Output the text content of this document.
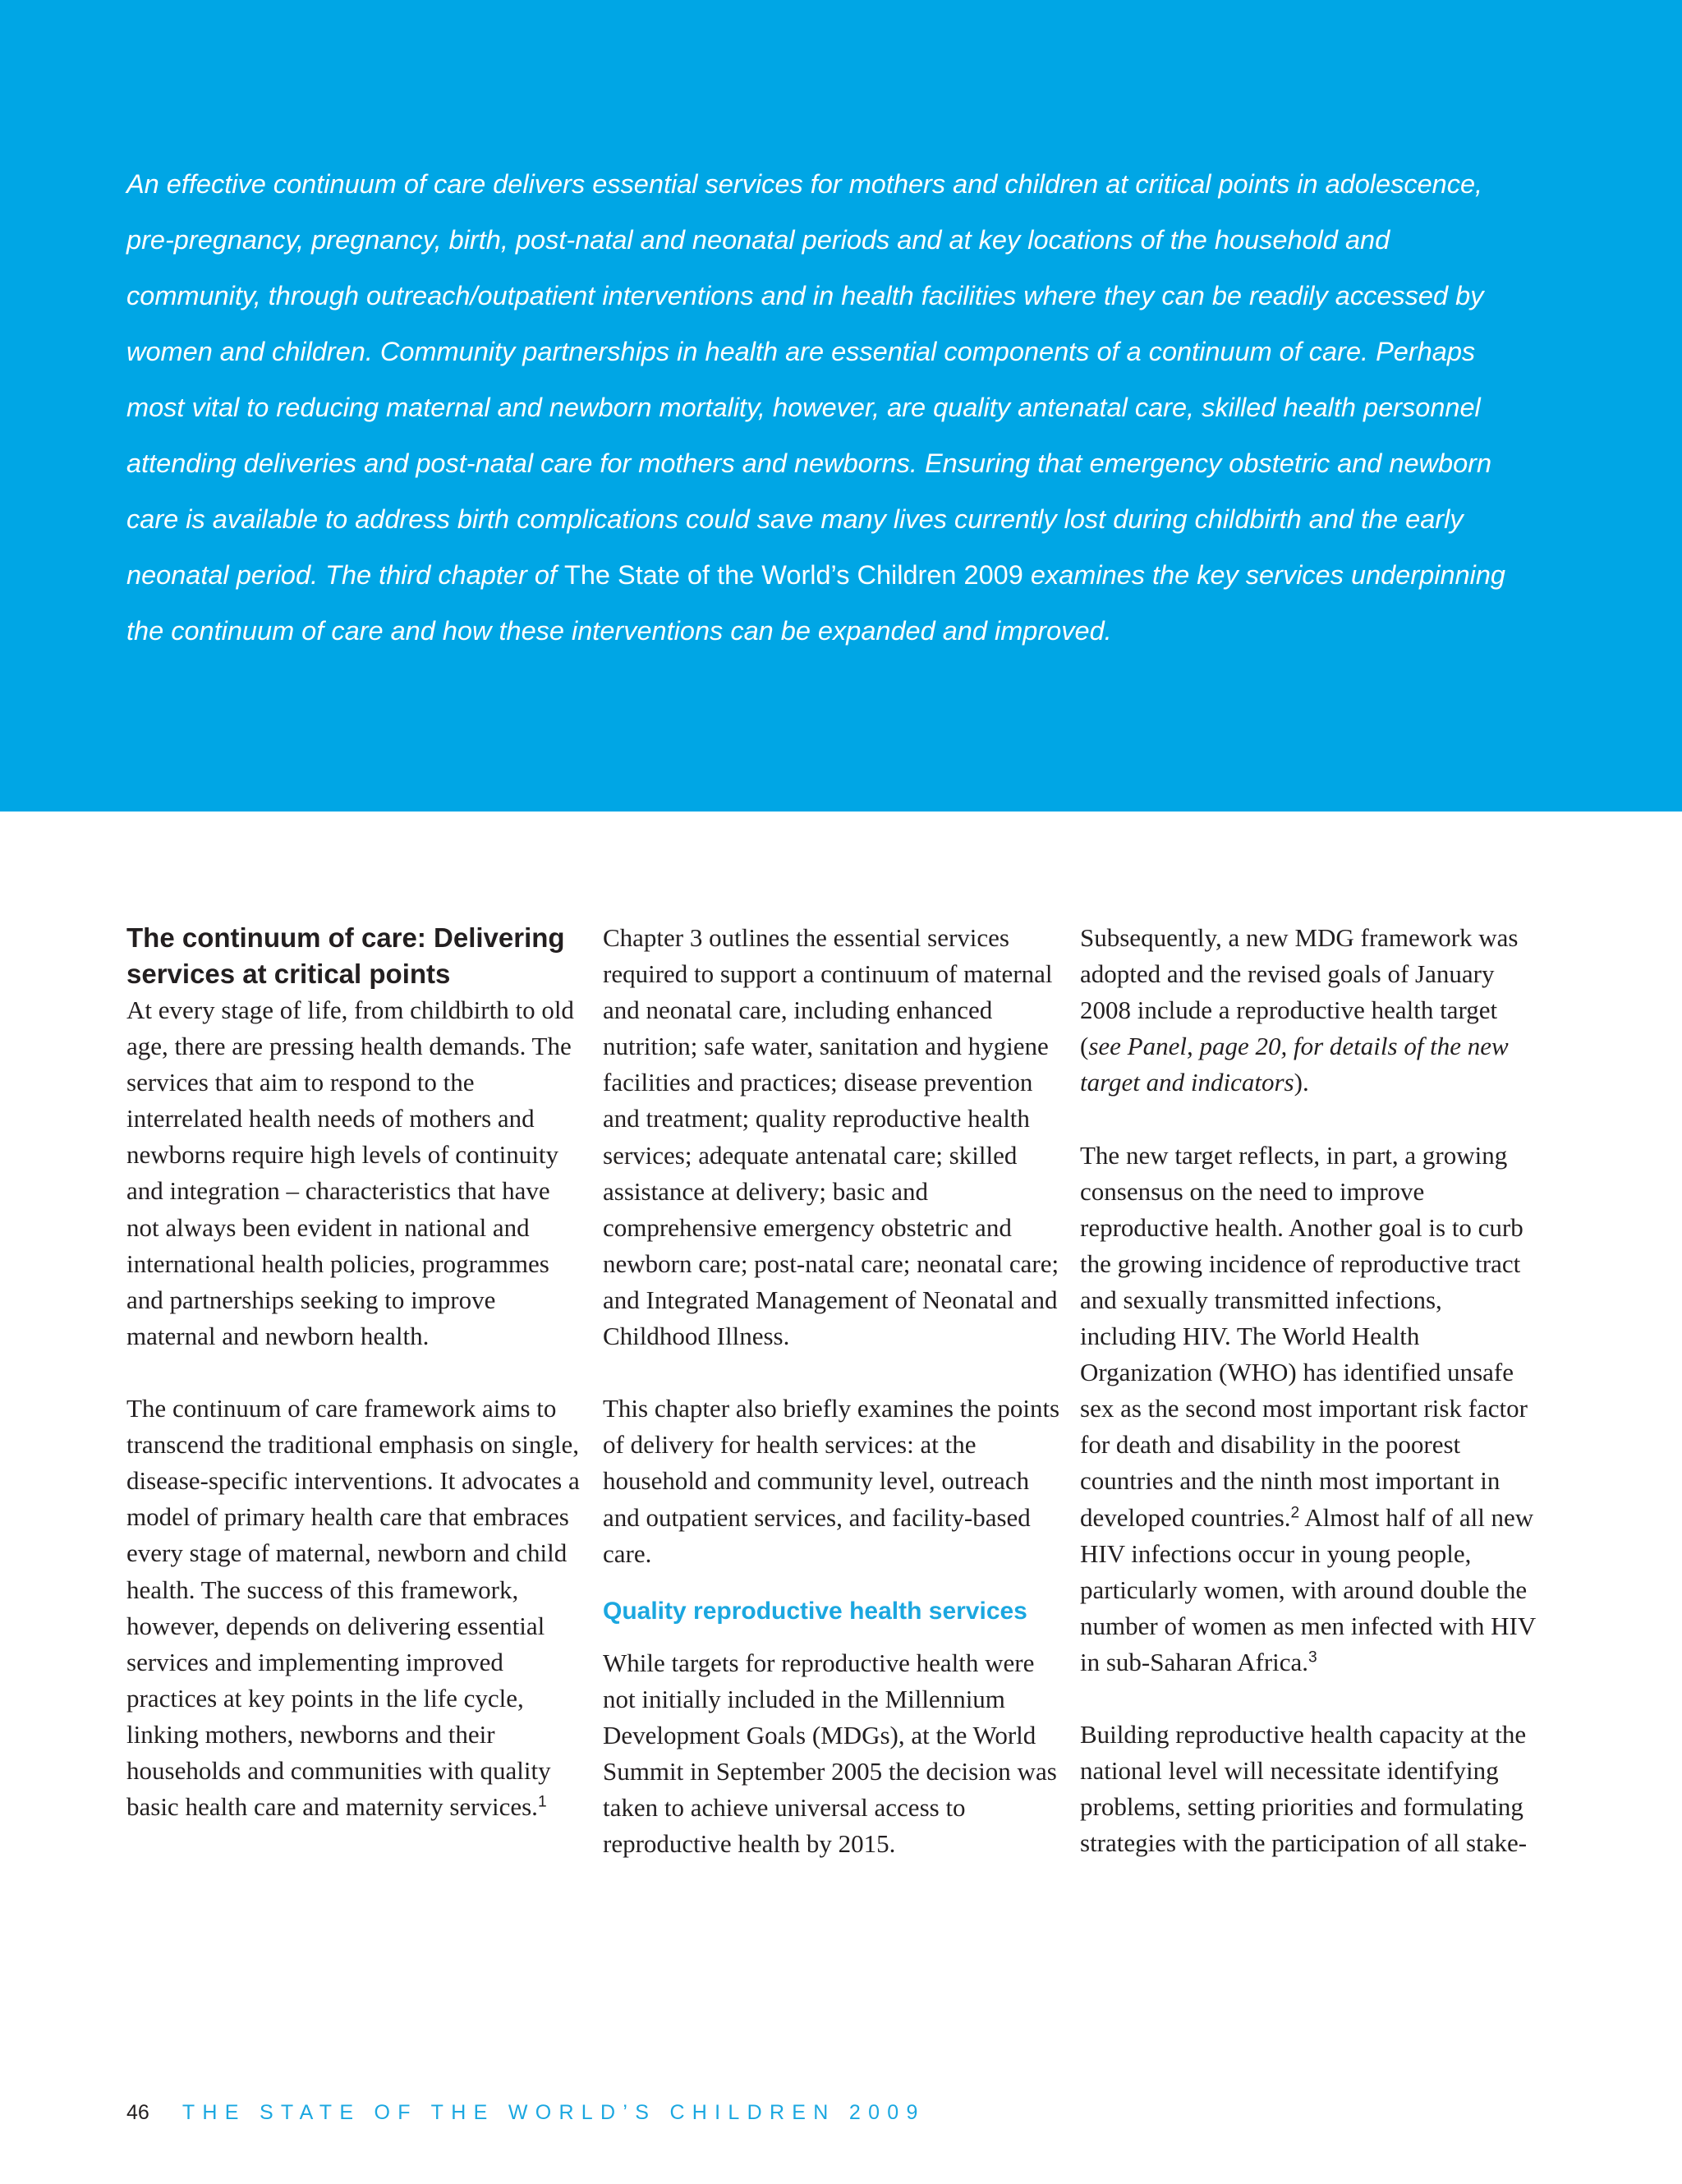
An effective continuum of care delivers essential services for mothers and children at critical points in adolescence, pre-pregnancy, pregnancy, birth, post-natal and neonatal periods and at key locations of the household and community, through outreach/outpatient interventions and in health facilities where they can be readily accessed by women and children. Community partnerships in health are essential components of a continuum of care. Perhaps most vital to reducing maternal and newborn mortality, however, are quality antenatal care, skilled health personnel attending deliveries and post-natal care for mothers and newborns. Ensuring that emergency obstetric and newborn care is available to address birth complications could save many lives currently lost during childbirth and the early neonatal period. The third chapter of The State of the World’s Children 2009 examines the key services underpinning the continuum of care and how these interventions can be expanded and improved.

The continuum of care: Delivering services at critical points

At every stage of life, from childbirth to old age, there are pressing health demands. The services that aim to respond to the interrelated health needs of mothers and newborns require high levels of continuity and integration – characteristics that have not always been evident in national and international health policies, programmes and partnerships seeking to improve maternal and newborn health.

The continuum of care framework aims to transcend the traditional emphasis on single, disease-specific interventions. It advocates a model of primary health care that embraces every stage of maternal, newborn and child health. The success of this framework, however, depends on delivering essential services and implementing improved practices at key points in the life cycle, linking mothers, newborns and their households and communities with quality basic health care and maternity services.$^1$

Chapter 3 outlines the essential services required to support a continuum of maternal and neonatal care, including enhanced nutrition; safe water, sanitation and hygiene facilities and practices; disease prevention and treatment; quality reproductive health services; adequate antenatal care; skilled assistance at delivery; basic and comprehensive emergency obstetric and newborn care; post-natal care; neonatal care; and Integrated Management of Neonatal and Childhood Illness.

This chapter also briefly examines the points of delivery for health services: at the household and community level, outreach and outpatient services, and facility-based care.

Quality reproductive health services

While targets for reproductive health were not initially included in the Millennium Development Goals (MDGs), at the World Summit in September 2005 the decision was taken to achieve universal access to reproductive health by 2015.

Subsequently, a new MDG framework was adopted and the revised goals of January 2008 include a reproductive health target (see Panel, page 20, for details of the new target and indicators).

The new target reflects, in part, a growing consensus on the need to improve reproductive health. Another goal is to curb the growing incidence of reproductive tract and sexually transmitted infections, including HIV. The World Health Organization (WHO) has identified unsafe sex as the second most important risk factor for death and disability in the poorest countries and the ninth most important in developed countries.$^2$ Almost half of all new HIV infections occur in young people, particularly women, with around double the number of women as men infected with HIV in sub-Saharan Africa.$^3$

Building reproductive health capacity at the national level will necessitate identifying problems, setting priorities and formulating strategies with the participation of all stake-

46 THE STATE OF THE WORLD’S CHILDREN 2009
